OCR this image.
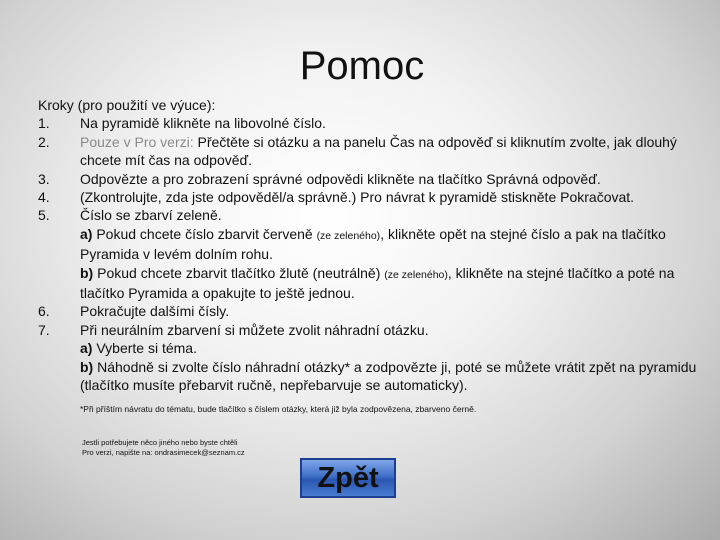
Pomoc

Kroky (pro použití ve výuce):

1.	Na pyramidě klikněte na libovolné číslo.
2.	Pouze v Pro verzi: Přečtěte si otázku a na panelu Čas na odpověď si kliknutím zvolte, jak dlouhý chcete mít čas na odpověď.
3.	Odpovězte a pro zobrazení správné odpovědi klikněte na tlačítko Správná odpověď.
4.	(Zkontrolujte, zda jste odpověděl/a správně.) Pro návrat k pyramidě stiskněte Pokračovat.
5.	Číslo se zbarví zeleně.
a) Pokud chcete číslo zbarvit červeně (ze zeleného), klikněte opět na stejné číslo a pak na tlačítko Pyramida v levém dolním rohu.
b) Pokud chcete zbarvit tlačítko žlutě (neutrálně) (ze zeleného), klikněte na stejné tlačítko a poté na tlačítko Pyramida a opakujte to ještě jednou.
6.	Pokračujte dalšími čísly.
7.	Při neurálním zbarvení si můžete zvolit náhradní otázku.
a) Vyberte si téma.
b) Náhodně si zvolte číslo náhradní otázky* a zodpovězte ji, poté se můžete vrátit zpět na pyramidu (tlačítko musíte přebarvit ručně, nepřebarvuje se automaticky).
*Při příštím návratu do tématu, bude tlačítko s číslem otázky, která již byla zodpovězena, zbarveno černě.
Jestli potřebujete něco jiného nebo byste chtěli
Pro verzi, napište na: ondrasimecek@seznam.cz
Zpět
